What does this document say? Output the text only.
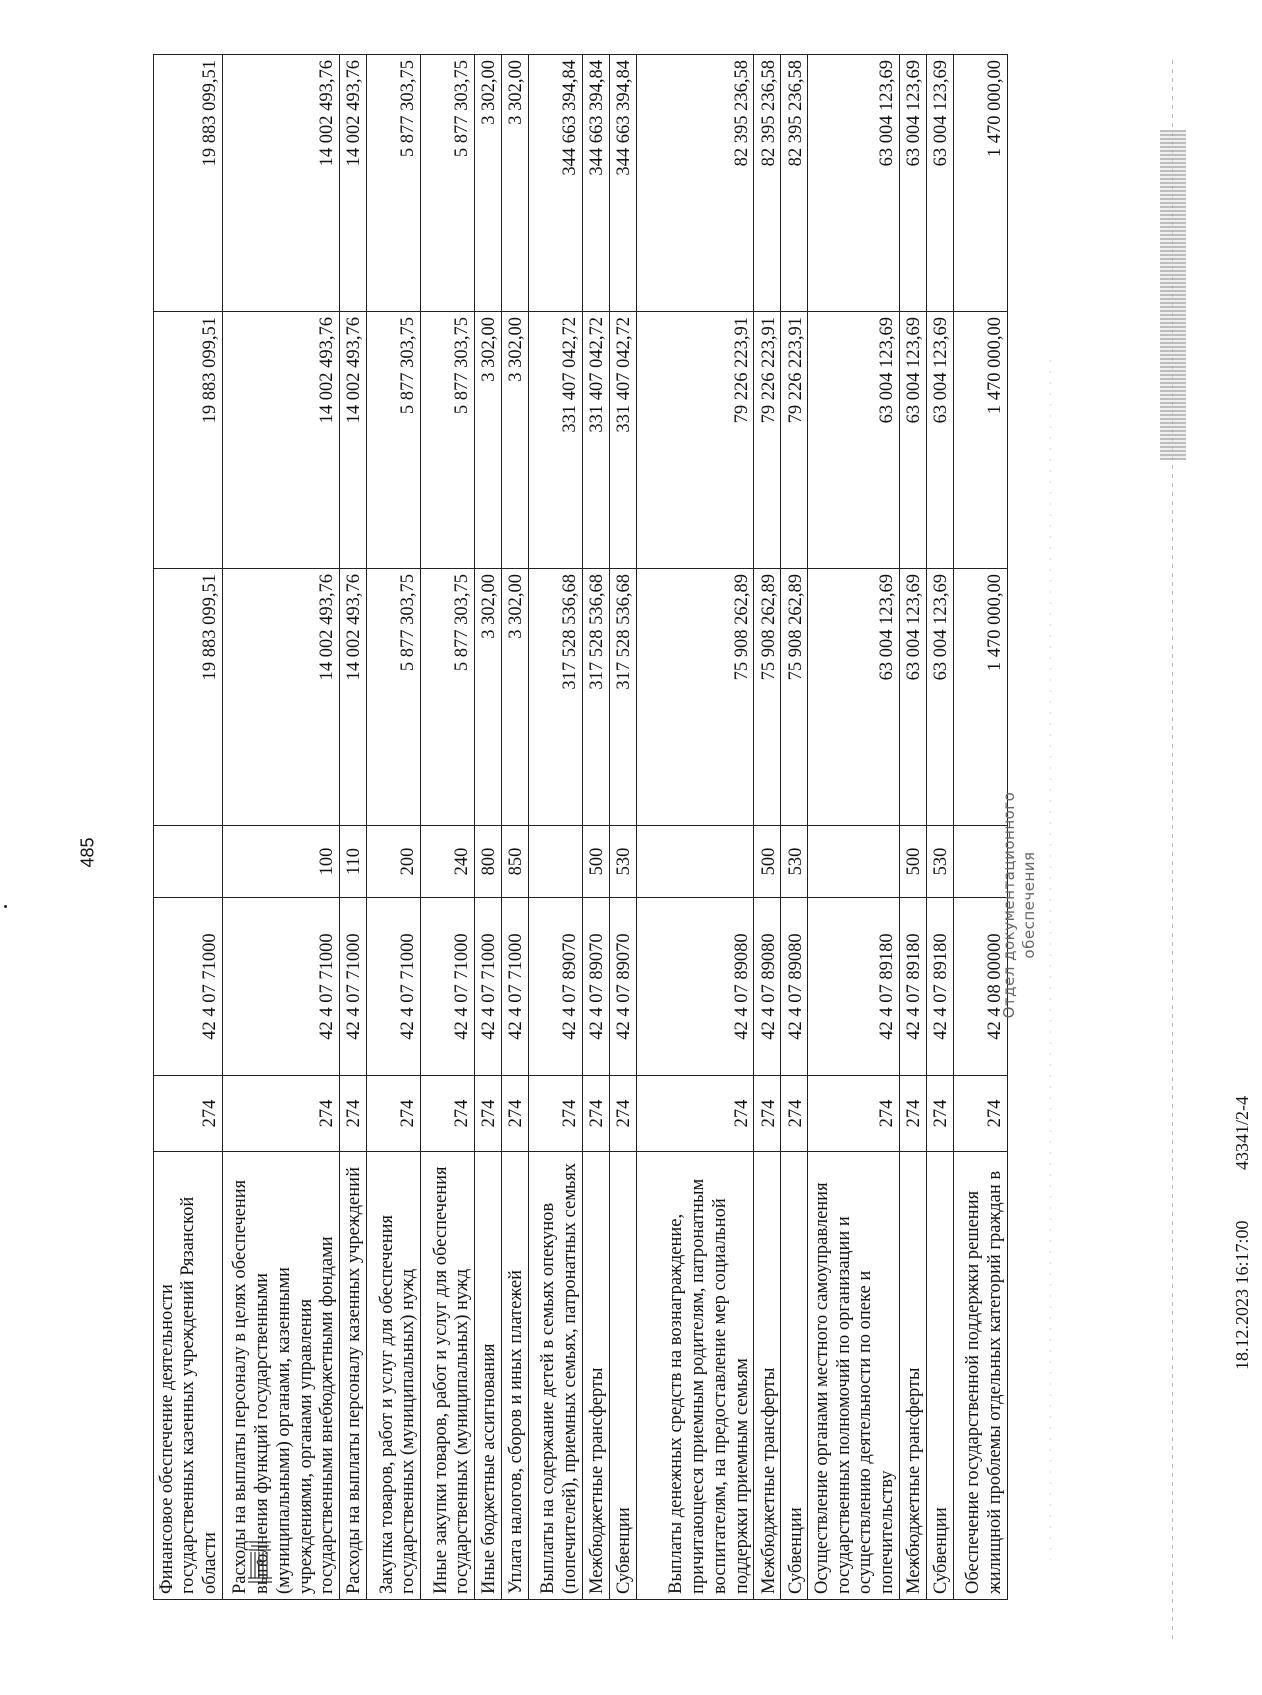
485
Финансовое обеспечение деятельности государственных казенных учреждений Рязанской области	274	42 4 07 71000		19 883 099,51	19 883 099,51	19 883 099,51
Расходы на выплаты персоналу в целях обеспечения выполнения функций государственными (муниципальными) органами, казенными учреждениями, органами управления государственными внебюджетными фондами	274	42 4 07 71000	100	14 002 493,76	14 002 493,76	14 002 493,76
Расходы на выплаты персоналу казенных учреждений	274	42 4 07 71000	110	14 002 493,76	14 002 493,76	14 002 493,76
Закупка товаров, работ и услуг для обеспечения государственных (муниципальных) нужд	274	42 4 07 71000	200	5 877 303,75	5 877 303,75	5 877 303,75
Иные закупки товаров, работ и услуг для обеспечения государственных (муниципальных) нужд	274	42 4 07 71000	240	5 877 303,75	5 877 303,75	5 877 303,75
Иные бюджетные ассигнования	274	42 4 07 71000	800	3 302,00	3 302,00	3 302,00
Уплата налогов, сборов и иных платежей	274	42 4 07 71000	850	3 302,00	3 302,00	3 302,00
Выплаты на содержание детей в семьях опекунов (попечителей), приемных семьях, патронатных семьях	274	42 4 07 89070		317 528 536,68	331 407 042,72	344 663 394,84
Межбюджетные трансферты	274	42 4 07 89070	500	317 528 536,68	331 407 042,72	344 663 394,84
Субвенции	274	42 4 07 89070	530	317 528 536,68	331 407 042,72	344 663 394,84
Выплаты денежных средств на вознаграждение, причитающееся приемным родителям, патронатным воспитателям, на предоставление мер социальной поддержки приемным семьям	274	42 4 07 89080		75 908 262,89	79 226 223,91	82 395 236,58
Межбюджетные трансферты	274	42 4 07 89080	500	75 908 262,89	79 226 223,91	82 395 236,58
Субвенции	274	42 4 07 89080	530	75 908 262,89	79 226 223,91	82 395 236,58
Осуществление органами местного самоуправления государственных полномочий по организации и осуществлению деятельности по опеке и попечительству	274	42 4 07 89180		63 004 123,69	63 004 123,69	63 004 123,69
Межбюджетные трансферты	274	42 4 07 89180	500	63 004 123,69	63 004 123,69	63 004 123,69
Субвенции	274	42 4 07 89180	530	63 004 123,69	63 004 123,69	63 004 123,69
Обеспечение государственной поддержки решения жилищной проблемы отдельных категорий граждан в	274	42 4 08 00000		1 470 000,00	1 470 000,00	1 470 000,00
18.12.2023 16:17:00
43341/2-4
Отдел документационного обеспечения
